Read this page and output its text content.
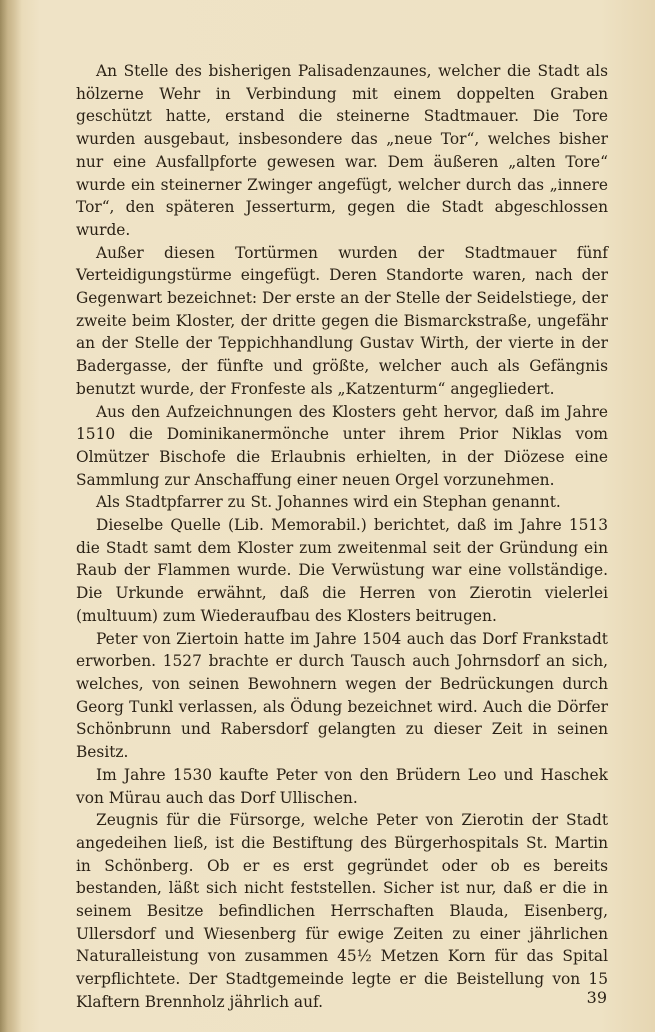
An Stelle des bisherigen Palisadenzaunes, welcher die Stadt als hölzerne Wehr in Verbindung mit einem doppelten Graben geschützt hatte, erstand die steinerne Stadtmauer. Die Tore wurden ausgebaut, insbesondere das „neue Tor“, welches bisher nur eine Ausfallpforte gewesen war. Dem äußeren „alten Tore“ wurde ein steinerner Zwinger angefügt, welcher durch das „innere Tor“, den späteren Jesserturm, gegen die Stadt abgeschlossen wurde.

Außer diesen Tortürmen wurden der Stadtmauer fünf Verteidigungstürme eingefügt. Deren Standorte waren, nach der Gegenwart bezeichnet: Der erste an der Stelle der Seidelstiege, der zweite beim Kloster, der dritte gegen die Bismarckstraße, ungefähr an der Stelle der Teppichhandlung Gustav Wirth, der vierte in der Badergasse, der fünfte und größte, welcher auch als Gefängnis benutzt wurde, der Fronfeste als „Katzenturm“ angegliedert.

Aus den Aufzeichnungen des Klosters geht hervor, daß im Jahre 1510 die Dominikanermönche unter ihrem Prior Niklas vom Olmützer Bischofe die Erlaubnis erhielten, in der Diözese eine Sammlung zur Anschaffung einer neuen Orgel vorzunehmen.

Als Stadtpfarrer zu St. Johannes wird ein Stephan genannt.

Dieselbe Quelle (Lib. Memorabil.) berichtet, daß im Jahre 1513 die Stadt samt dem Kloster zum zweitenmal seit der Gründung ein Raub der Flammen wurde. Die Verwüstung war eine vollständige. Die Urkunde erwähnt, daß die Herren von Zierotin vielerlei (multuum) zum Wiederaufbau des Klosters beitrugen.

Peter von Ziertoin hatte im Jahre 1504 auch das Dorf Frankstadt erworben. 1527 brachte er durch Tausch auch Johrnsdorf an sich, welches, von seinen Bewohnern wegen der Bedrückungen durch Georg Tunkl verlassen, als Ödung bezeichnet wird. Auch die Dörfer Schönbrunn und Rabersdorf gelangten zu dieser Zeit in seinen Besitz.

Im Jahre 1530 kaufte Peter von den Brüdern Leo und Haschek von Mürau auch das Dorf Ullischen.

Zeugnis für die Fürsorge, welche Peter von Zierotin der Stadt angedeihen ließ, ist die Bestiftung des Bürgerhospitals St. Martin in Schönberg. Ob er es erst gegründet oder ob es bereits bestanden, läßt sich nicht feststellen. Sicher ist nur, daß er die in seinem Besitze befindlichen Herrschaften Blauda, Eisenberg, Ullersdorf und Wiesenberg für ewige Zeiten zu einer jährlichen Naturalleistung von zusammen 45½ Metzen Korn für das Spital verpflichtete. Der Stadtgemeinde legte er die Beistellung von 15 Klaftern Brennholz jährlich auf.	39
